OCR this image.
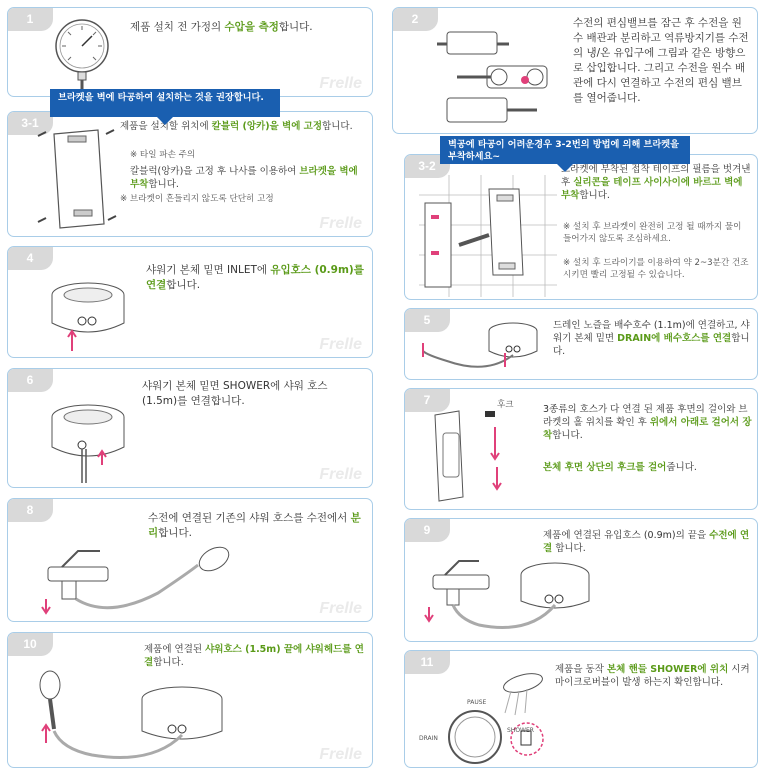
1
제품 설치 전 가정의 수압을 측정합니다.
Frelle
2	수전의 편심밸브를 잠근 후 수전을 원수 배관과 분리하고 역류방지기를 수전의 냉/온 유입구에 그림과 같은 방향으로 삽입합니다. 그리고 수전을 원수 배관에 다시 연결하고 수전의 편심 밸브를 열어줍니다.
브라켓을 벽에 타공하여 설치하는 것을 권장합니다.
3-1	제품을 설치할 위치에 칼블럭 (앙카)을 벽에 고정합니다.
※ 타일 파손 주의
칼블럭(앙카)을 고정 후 나사를 이용하여 브라켓을 벽에 부착합니다.
※ 브라켓이 흔들리지 않도록 단단히 고정
Frelle
벽공에 타공이 어려운경우 3-2번의 방법에 의해 브라켓을 부착하세요~
3-2	브라켓에 부착된 접착 테이프의 필름을 벗겨낸 후 실리콘을 테이프 사이사이에 바르고 벽에 부착합니다.
※ 설치 후 브라켓이 완전히 고정 될 때까지 물이 들어가지 않도록 조심하세요.
※ 설치 후 드라이기를 이용하여 약 2~3분간 건조시키면 빨리 고정될 수 있습니다.
4
샤워기 본체 밑면 INLET에 유입호스 (0.9m)를 연결합니다.
Frelle
5	드레인 노즐을 배수호수 (1.1m)에 연결하고, 샤워기 본체 밑면 DRAIN에 배수호스를 연결합니다.
6	샤워기 본체 밑면 SHOWER에 샤워 호스(1.5m)를 연결합니다.
Frelle
7	후크	3종류의 호스가 다 연결 된 제품 후면의 걸이와 브라켓의 홀 위치를 확인 후 위에서 아래로 걸어서 장착합니다.
본체 후면 상단의 후크를 걸어줍니다.
8
수전에 연결된 기존의 샤워 호스를 수전에서 분리합니다.
Frelle
9	제품에 연결된 유입호스 (0.9m)의 끝을 수전에 연결 합니다.
10	제품에 연결된 샤워호스 (1.5m) 끝에 샤워헤드를 연결합니다.
Frelle
11
PAUSE
DRAIN
SHOWER
제품을 동작 본체 핸들 SHOWER에 위치 시켜 마이크로버블이 발생 하는지 확인합니다.
